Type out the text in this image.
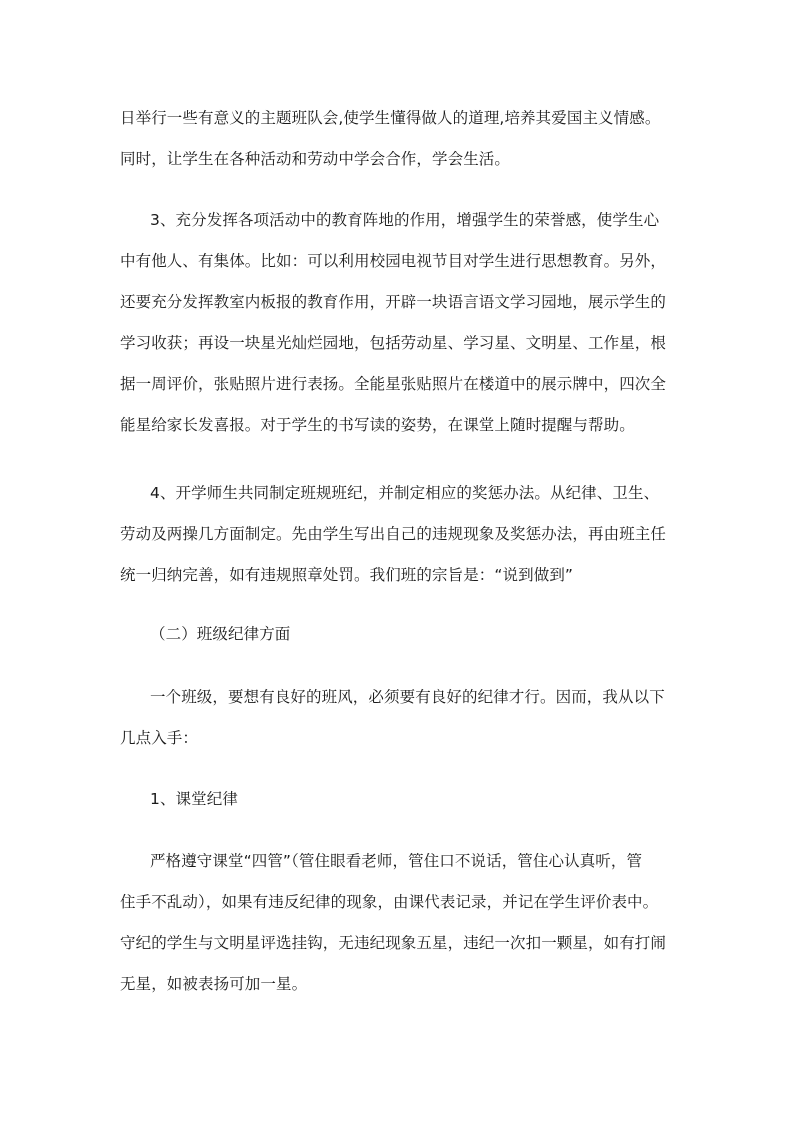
日举行一些有意义的主题班队会,使学生懂得做人的道理,培养其爱国主义情感。
同时，让学生在各种活动和劳动中学会合作，学会生活。
3、充分发挥各项活动中的教育阵地的作用，增强学生的荣誉感，使学生心
中有他人、有集体。比如：可以利用校园电视节目对学生进行思想教育。另外，
还要充分发挥教室内板报的教育作用，开辟一块语言语文学习园地，展示学生的
学习收获；再设一块星光灿烂园地，包括劳动星、学习星、文明星、工作星，根
据一周评价，张贴照片进行表扬。全能星张贴照片在楼道中的展示牌中，四次全
能星给家长发喜报。对于学生的书写读的姿势，在课堂上随时提醒与帮助。
4、开学师生共同制定班规班纪，并制定相应的奖惩办法。从纪律、卫生、
劳动及两操几方面制定。先由学生写出自己的违规现象及奖惩办法，再由班主任
统一归纳完善，如有违规照章处罚。我们班的宗旨是：“说到做到”
（二）班级纪律方面
一个班级，要想有良好的班风，必须要有良好的纪律才行。因而，我从以下
几点入手：
1、课堂纪律
严格遵守课堂“四管”（管住眼看老师，管住口不说话，管住心认真听，管
住手不乱动），如果有违反纪律的现象，由课代表记录，并记在学生评价表中。
守纪的学生与文明星评选挂钩，无违纪现象五星，违纪一次扣一颗星，如有打闹
无星，如被表扬可加一星。
